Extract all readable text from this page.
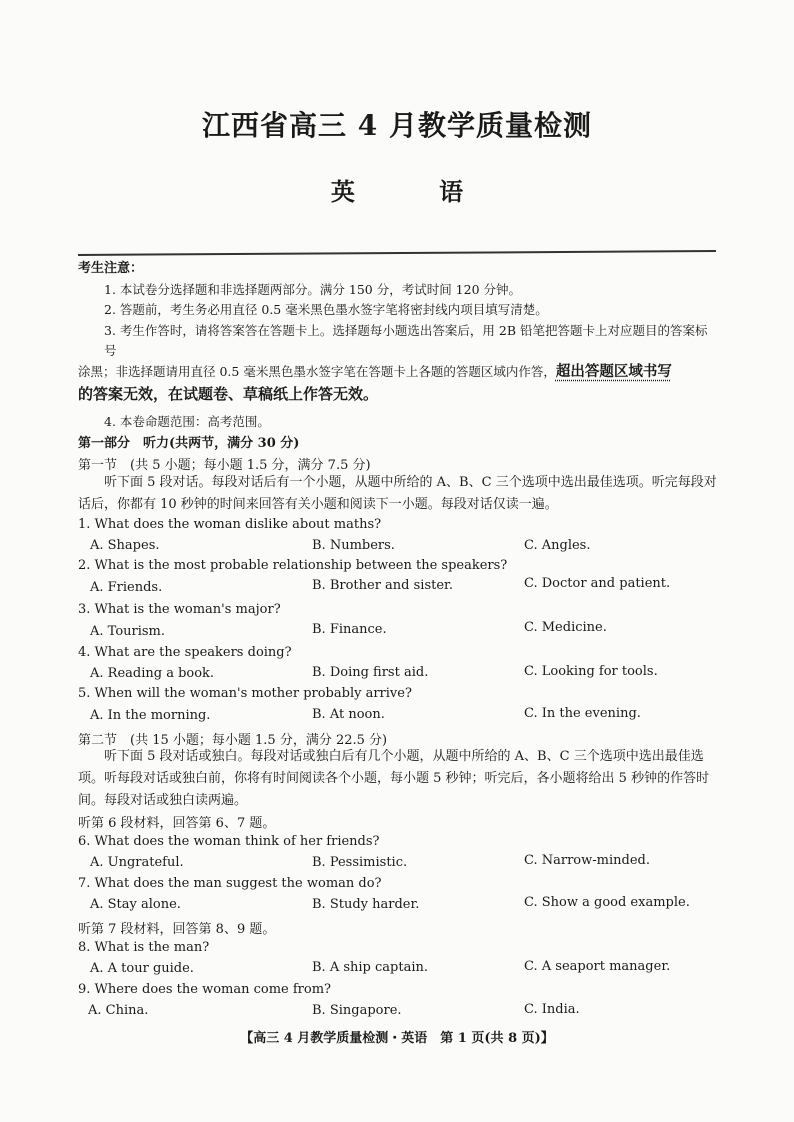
江西省高三 4 月教学质量检测
英 语
考生注意：
1. 本试卷分选择题和非选择题两部分。满分 150 分，考试时间 120 分钟。
2. 答题前，考生务必用直径 0.5 毫米黑色墨水签字笔将密封线内项目填写清楚。
3. 考生作答时，请将答案答在答题卡上。选择题每小题选出答案后，用 2B 铅笔把答题卡上对应题目的答案标号
涂黑；非选择题请用直径 0.5 毫米黑色墨水签字笔在答题卡上各题的答题区域内作答，超出答题区域书写
的答案无效，在试题卷、草稿纸上作答无效。
4. 本卷命题范围：高考范围。
第一部分　听力(共两节，满分 30 分)
第一节　(共 5 小题；每小题 1.5 分，满分 7.5 分)
听下面 5 段对话。每段对话后有一个小题，从题中所给的 A、B、C 三个选项中选出最佳选项。听完每段对话后，你都有 10 秒钟的时间来回答有关小题和阅读下一小题。每段对话仅读一遍。
1. What does the woman dislike about maths?
A. Shapes.	B. Numbers.	C. Angles.
2. What is the most probable relationship between the speakers?
A. Friends.	B. Brother and sister.	C. Doctor and patient.
3. What is the woman's major?
A. Tourism.	B. Finance.	C. Medicine.
4. What are the speakers doing?
A. Reading a book.	B. Doing first aid.	C. Looking for tools.
5. When will the woman's mother probably arrive?
A. In the morning.	B. At noon.	C. In the evening.
第二节　(共 15 小题；每小题 1.5 分，满分 22.5 分)
听下面 5 段对话或独白。每段对话或独白后有几个小题，从题中所给的 A、B、C 三个选项中选出最佳选项。听每段对话或独白前，你将有时间阅读各个小题，每小题 5 秒钟；听完后，各小题将给出 5 秒钟的作答时间。每段对话或独白读两遍。
听第 6 段材料，回答第 6、7 题。
6. What does the woman think of her friends?
A. Ungrateful.	B. Pessimistic.	C. Narrow-minded.
7. What does the man suggest the woman do?
A. Stay alone.	B. Study harder.	C. Show a good example.
听第 7 段材料，回答第 8、9 题。
8. What is the man?
A. A tour guide.	B. A ship captain.	C. A seaport manager.
9. Where does the woman come from?
A. China.	B. Singapore.	C. India.
【高三 4 月教学质量检测・英语　第 1 页(共 8 页)】
